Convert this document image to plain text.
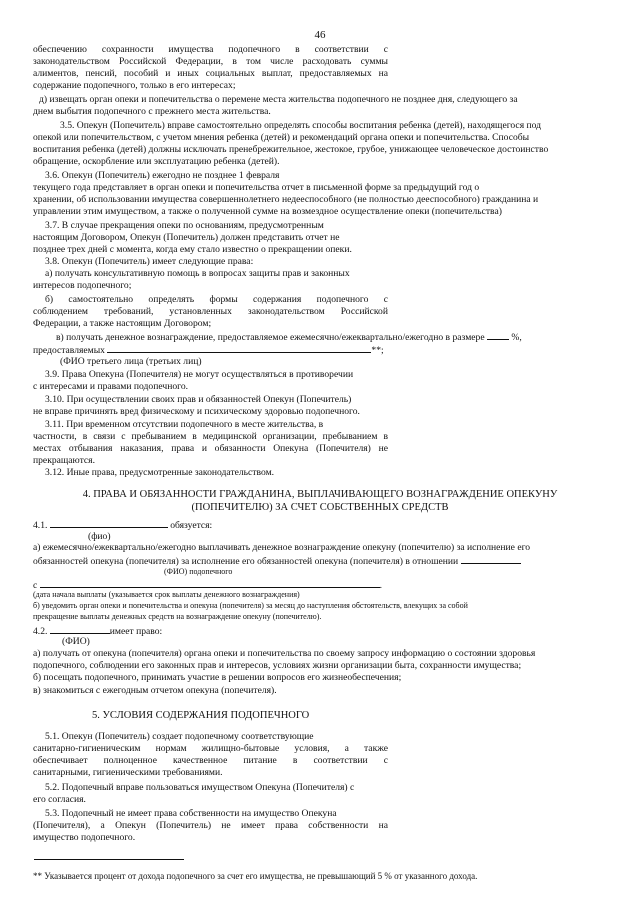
46
обеспечению сохранности имущества подопечного в соответствии с
законодательством Российской Федерации, в том числе расходовать суммы
алиментов, пенсий, пособий и иных социальных выплат, предоставляемых на
содержание подопечного, только в его интересах;
д) извещать орган опеки и попечительства о перемене места жительства подопечного не позднее дня, следующего за
днем выбытия подопечного с прежнего места жительства.
3.5. Опекун (Попечитель) вправе самостоятельно определять способы воспитания ребенка (детей), находящегося под
опекой или попечительством, с учетом мнения ребенка (детей) и рекомендаций органа опеки и попечительства. Способы
воспитания ребенка (детей) должны исключать пренебрежительное, жестокое, грубое, унижающее человеческое достоинство
обращение, оскорбление или эксплуатацию ребенка (детей).
3.6. Опекун (Попечитель) ежегодно не позднее 1 февраля
текущего года представляет в орган опеки и попечительства отчет в письменной форме за предыдущий год о
хранении, об использовании имущества совершеннолетнего недееспособного (не полностью дееспособного) гражданина и
управлении этим имуществом, а также о полученной сумме на возмездное осуществление опеки (попечительства)
3.7. В случае прекращения опеки по основаниям, предусмотренным
настоящим Договором, Опекун (Попечитель) должен представить отчет не
позднее трех дней с момента, когда ему стало известно о прекращении опеки.
3.8. Опекун (Попечитель) имеет следующие права:
а) получать консультативную помощь в вопросах защиты прав и законных
интересов подопечного;
б) самостоятельно определять формы содержания подопечного с
соблюдением требований, установленных законодательством Российской
Федерации, а также настоящим Договором;
в) получать денежное вознаграждение, предоставляемое ежемесячно/ежеквартально/ежегодно в размере	%,
предоставляемых	**;
(ФИО третьего лица (третьих лиц)
3.9. Права Опекуна (Попечителя) не могут осуществляться в противоречии
с интересами и правами подопечного.
3.10. При осуществлении своих прав и обязанностей Опекун (Попечитель)
не вправе причинять вред физическому и психическому здоровью подопечного.
3.11. При временном отсутствии подопечного в месте жительства, в
частности, в связи с пребыванием в медицинской организации, пребыванием в
местах отбывания наказания, права и обязанности Опекуна (Попечителя) не
прекращаются.
3.12. Иные права, предусмотренные законодательством.
4. ПРАВА И ОБЯЗАННОСТИ ГРАЖДАНИНА, ВЫПЛАЧИВАЮЩЕГО ВОЗНАГРАЖДЕНИЕ ОПЕКУНУ
(ПОПЕЧИТЕЛЮ) ЗА СЧЕТ СОБСТВЕННЫХ СРЕДСТВ
4.1.	обязуется:
(фио)
а) ежемесячно/ежеквартально/ежегодно выплачивать денежное вознаграждение опекуну (попечителю) за исполнение его
обязанностей опекуна (попечителя) за исполнение его обязанностей опекуна (попечителя) в отношении
(ФИО) подопечного
с	.
(дата начала выплаты (указывается срок выплаты денежного вознаграждения)
б) уведомить орган опеки и попечительства и опекуна (попечителя) за месяц до наступления обстоятельств, влекущих за собой
прекращение выплаты денежных средств на вознаграждение опекуну (попечителю).
4.2.	имеет право:
(ФИО)
а) получать от опекуна (попечителя) органа опеки и попечительства по своему запросу информацию о состоянии здоровья
подопечного, соблюдении его законных прав и интересов, условиях жизни организации быта, сохранности имущества;
б) посещать подопечного, принимать участие в решении вопросов его жизнеобеспечения;
в) знакомиться с ежегодным отчетом опекуна (попечителя).
5. УСЛОВИЯ СОДЕРЖАНИЯ ПОДОПЕЧНОГО
5.1. Опекун (Попечитель) создает подопечному соответствующие
санитарно-гигиеническим нормам жилищно-бытовые условия, а также
обеспечивает полноценное качественное питание в соответствии с
санитарными, гигиеническими требованиями.
5.2. Подопечный вправе пользоваться имуществом Опекуна (Попечителя) с
его согласия.
5.3. Подопечный не имеет права собственности на имущество Опекуна
(Попечителя), а Опекун (Попечитель) не имеет права собственности на
имущество подопечного.
** Указывается процент от дохода подопечного за счет его имущества, не превышающий 5 % от указанного дохода.
